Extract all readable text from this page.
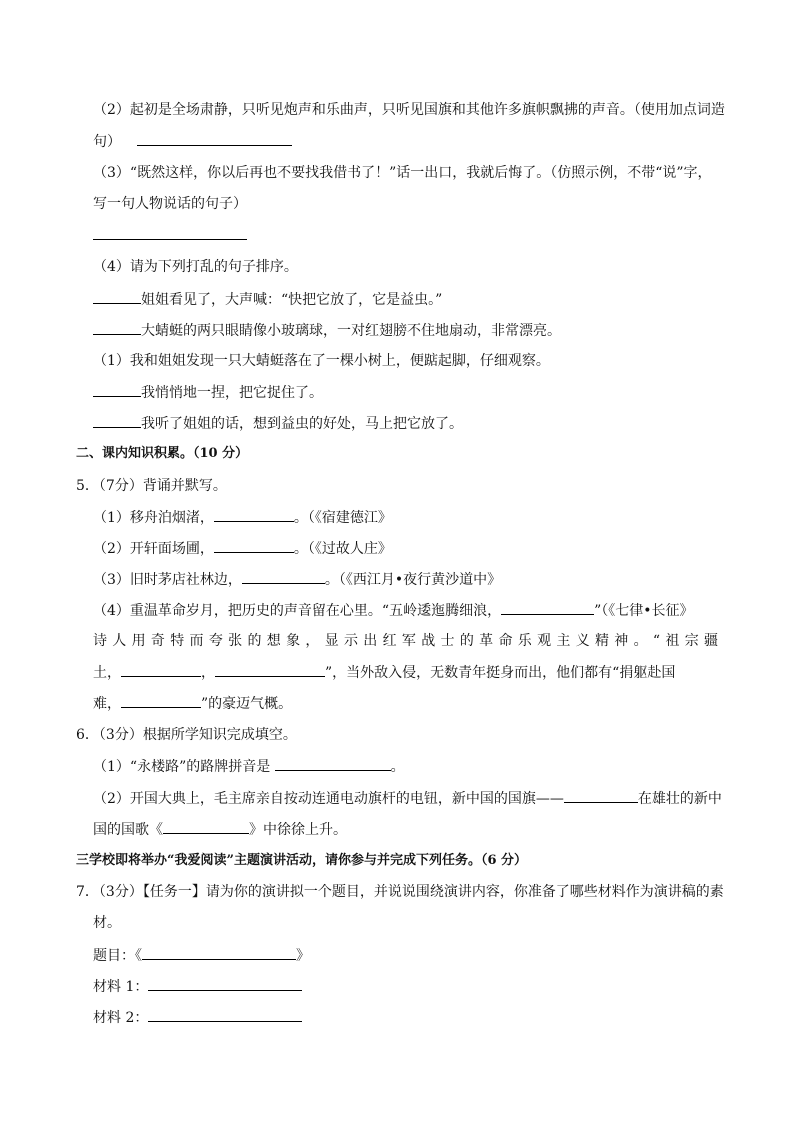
（2）起初是全场肃静，只听见炮声和乐曲声，只听见国旗和其他许多旗帜飘拂的声音。（使用加点词造
句）
（3）“既然这样，你以后再也不要找我借书了！”话一出口，我就后悔了。（仿照示例，不带“说”字，
写一句人物说话的句子）
（4）请为下列打乱的句子排序。
姐姐看见了，大声喊：“快把它放了，它是益虫。”
大蜻蜓的两只眼睛像小玻璃球，一对红翅膀不住地扇动，非常漂亮。
（1）我和姐姐发现一只大蜻蜓落在了一棵小树上，便踮起脚，仔细观察。
我悄悄地一捏，把它捉住了。
我听了姐姐的话，想到益虫的好处，马上把它放了。
二、课内知识积累。（10 分）
5．（7分）背诵并默写。
（1）移舟泊烟渚，	。（《宿建德江》
（2）开轩面场圃，	。（《过故人庄》
（3）旧时茅店社林边，	。（《西江月•夜行黄沙道中》
（4）重温革命岁月，把历史的声音留在心里。“五岭逶迤腾细浪，	”（《七律•长征》
诗人用奇特而夸张的想象，显示出红军战士的革命乐观主义精神。“祖宗疆
土，	，	”，当外敌入侵，无数青年挺身而出，他们都有“捐躯赴国
难，	”的豪迈气概。
6．（3分）根据所学知识完成填空。
（1）“永楼路”的路牌拼音是	。
（2）开国大典上，毛主席亲自按动连通电动旗杆的电钮，新中国的国旗——	在雄壮的新中
国的国歌《	》中徐徐上升。
三学校即将举办“我爱阅读”主题演讲活动，请你参与并完成下列任务。（6 分）
7．（3分）【任务一】请为你的演讲拟一个题目，并说说围绕演讲内容，你准备了哪些材料作为演讲稿的素
材。
题目：《	》
材料 1：
材料 2：
